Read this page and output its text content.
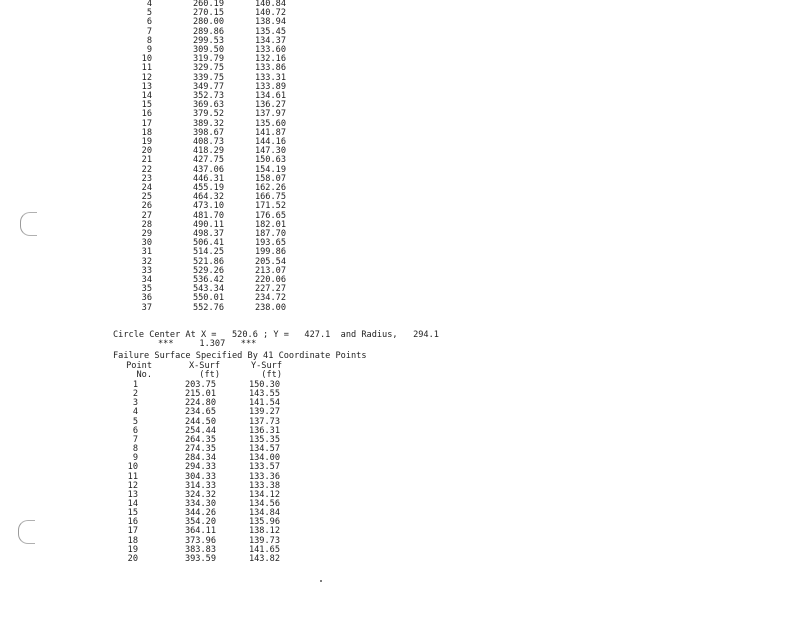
4	260.19	140.84
5	270.15	140.72
6	280.00	138.94
7	289.86	135.45
8	299.53	134.37
9	309.50	133.60
10	319.79	132.16
11	329.75	133.86
12	339.75	133.31
13	349.77	133.89
14	352.73	134.61
15	369.63	136.27
16	379.52	137.97
17	389.32	135.60
18	398.67	141.87
19	408.73	144.16
20	418.29	147.30
21	427.75	150.63
22	437.06	154.19
23	446.31	158.07
24	455.19	162.26
25	464.32	166.75
26	473.10	171.52
27	481.70	176.65
28	490.11	182.01
29	498.37	187.70
30	506.41	193.65
31	514.25	199.86
32	521.86	205.54
33	529.26	213.07
34	536.42	220.06
35	543.34	227.27
36	550.01	234.72
37	552.76	238.00
Circle Center At X =   520.6 ; Y =   427.1  and Radius,   294.1
***     1.307   ***
Failure Surface Specified By 41 Coordinate Points
Point	X-Surf	Y-Surf
No.	(ft)	(ft)
1	203.75	150.30
2	215.01	143.55
3	224.80	141.54
4	234.65	139.27
5	244.50	137.73
6	254.44	136.31
7	264.35	135.35
8	274.35	134.57
9	284.34	134.00
10	294.33	133.57
11	304.33	133.36
12	314.33	133.38
13	324.32	134.12
14	334.30	134.56
15	344.26	134.84
16	354.20	135.96
17	364.11	138.12
18	373.96	139.73
19	383.83	141.65
20	393.59	143.82
